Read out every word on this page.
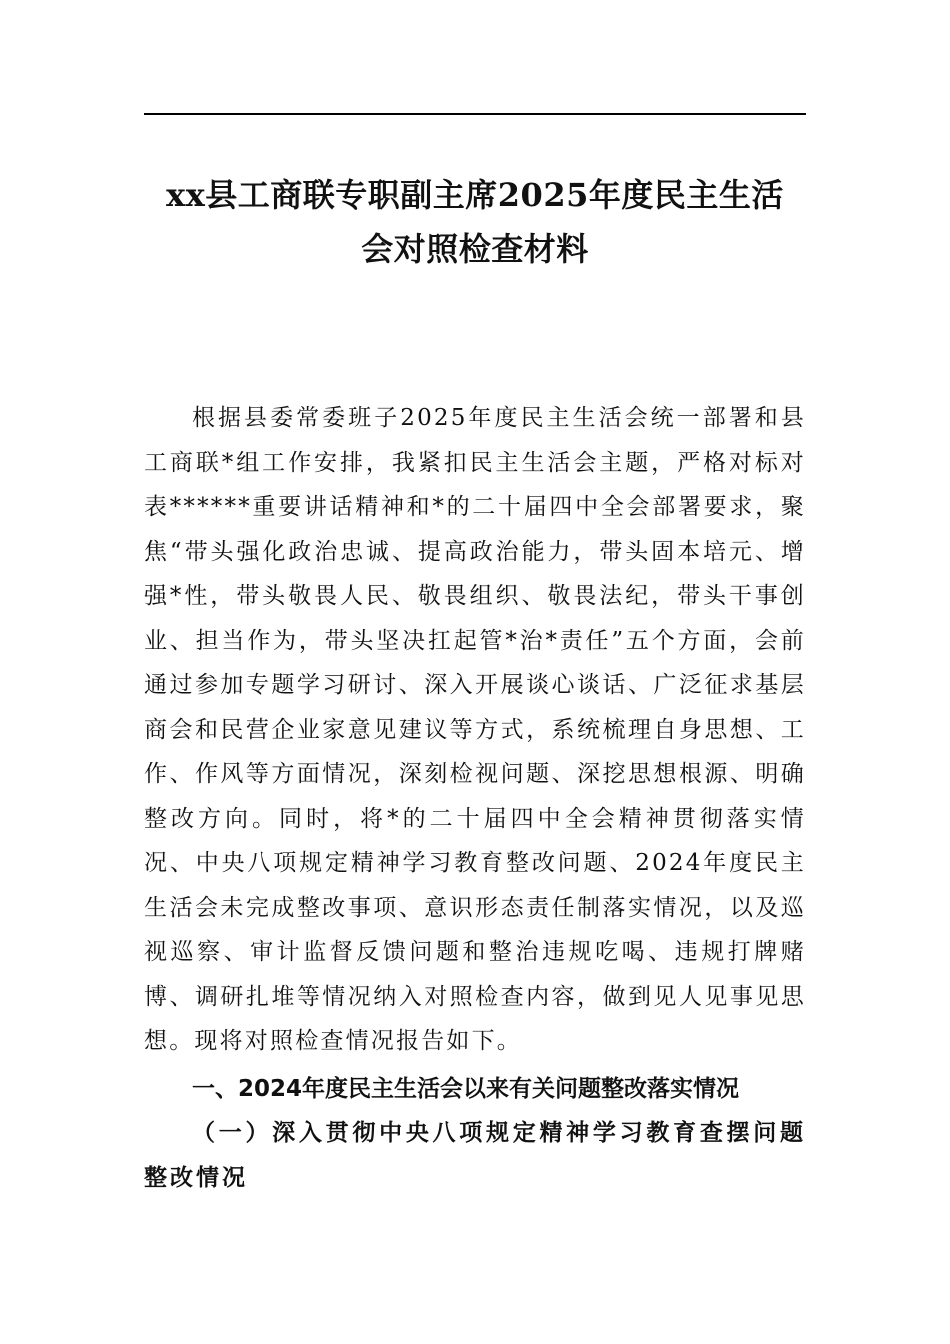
xx县工商联专职副主席2025年度民主生活
会对照检查材料

根据县委常委班子2025年度民主生活会统一部署和县工商联*组工作安排，我紧扣民主生活会主题，严格对标对表******重要讲话精神和*的二十届四中全会部署要求，聚焦“带头强化政治忠诚、提高政治能力，带头固本培元、增强*性，带头敬畏人民、敬畏组织、敬畏法纪，带头干事创业、担当作为，带头坚决扛起管*治*责任”五个方面，会前通过参加专题学习研讨、深入开展谈心谈话、广泛征求基层商会和民营企业家意见建议等方式，系统梳理自身思想、工作、作风等方面情况，深刻检视问题、深挖思想根源、明确整改方向。同时，将*的二十届四中全会精神贯彻落实情况、中央八项规定精神学习教育整改问题、2024年度民主生活会未完成整改事项、意识形态责任制落实情况，以及巡视巡察、审计监督反馈问题和整治违规吃喝、违规打牌赌博、调研扎堆等情况纳入对照检查内容，做到见人见事见思想。现将对照检查情况报告如下。

一、2024年度民主生活会以来有关问题整改落实情况
（一）深入贯彻中央八项规定精神学习教育查摆问题整改情况
